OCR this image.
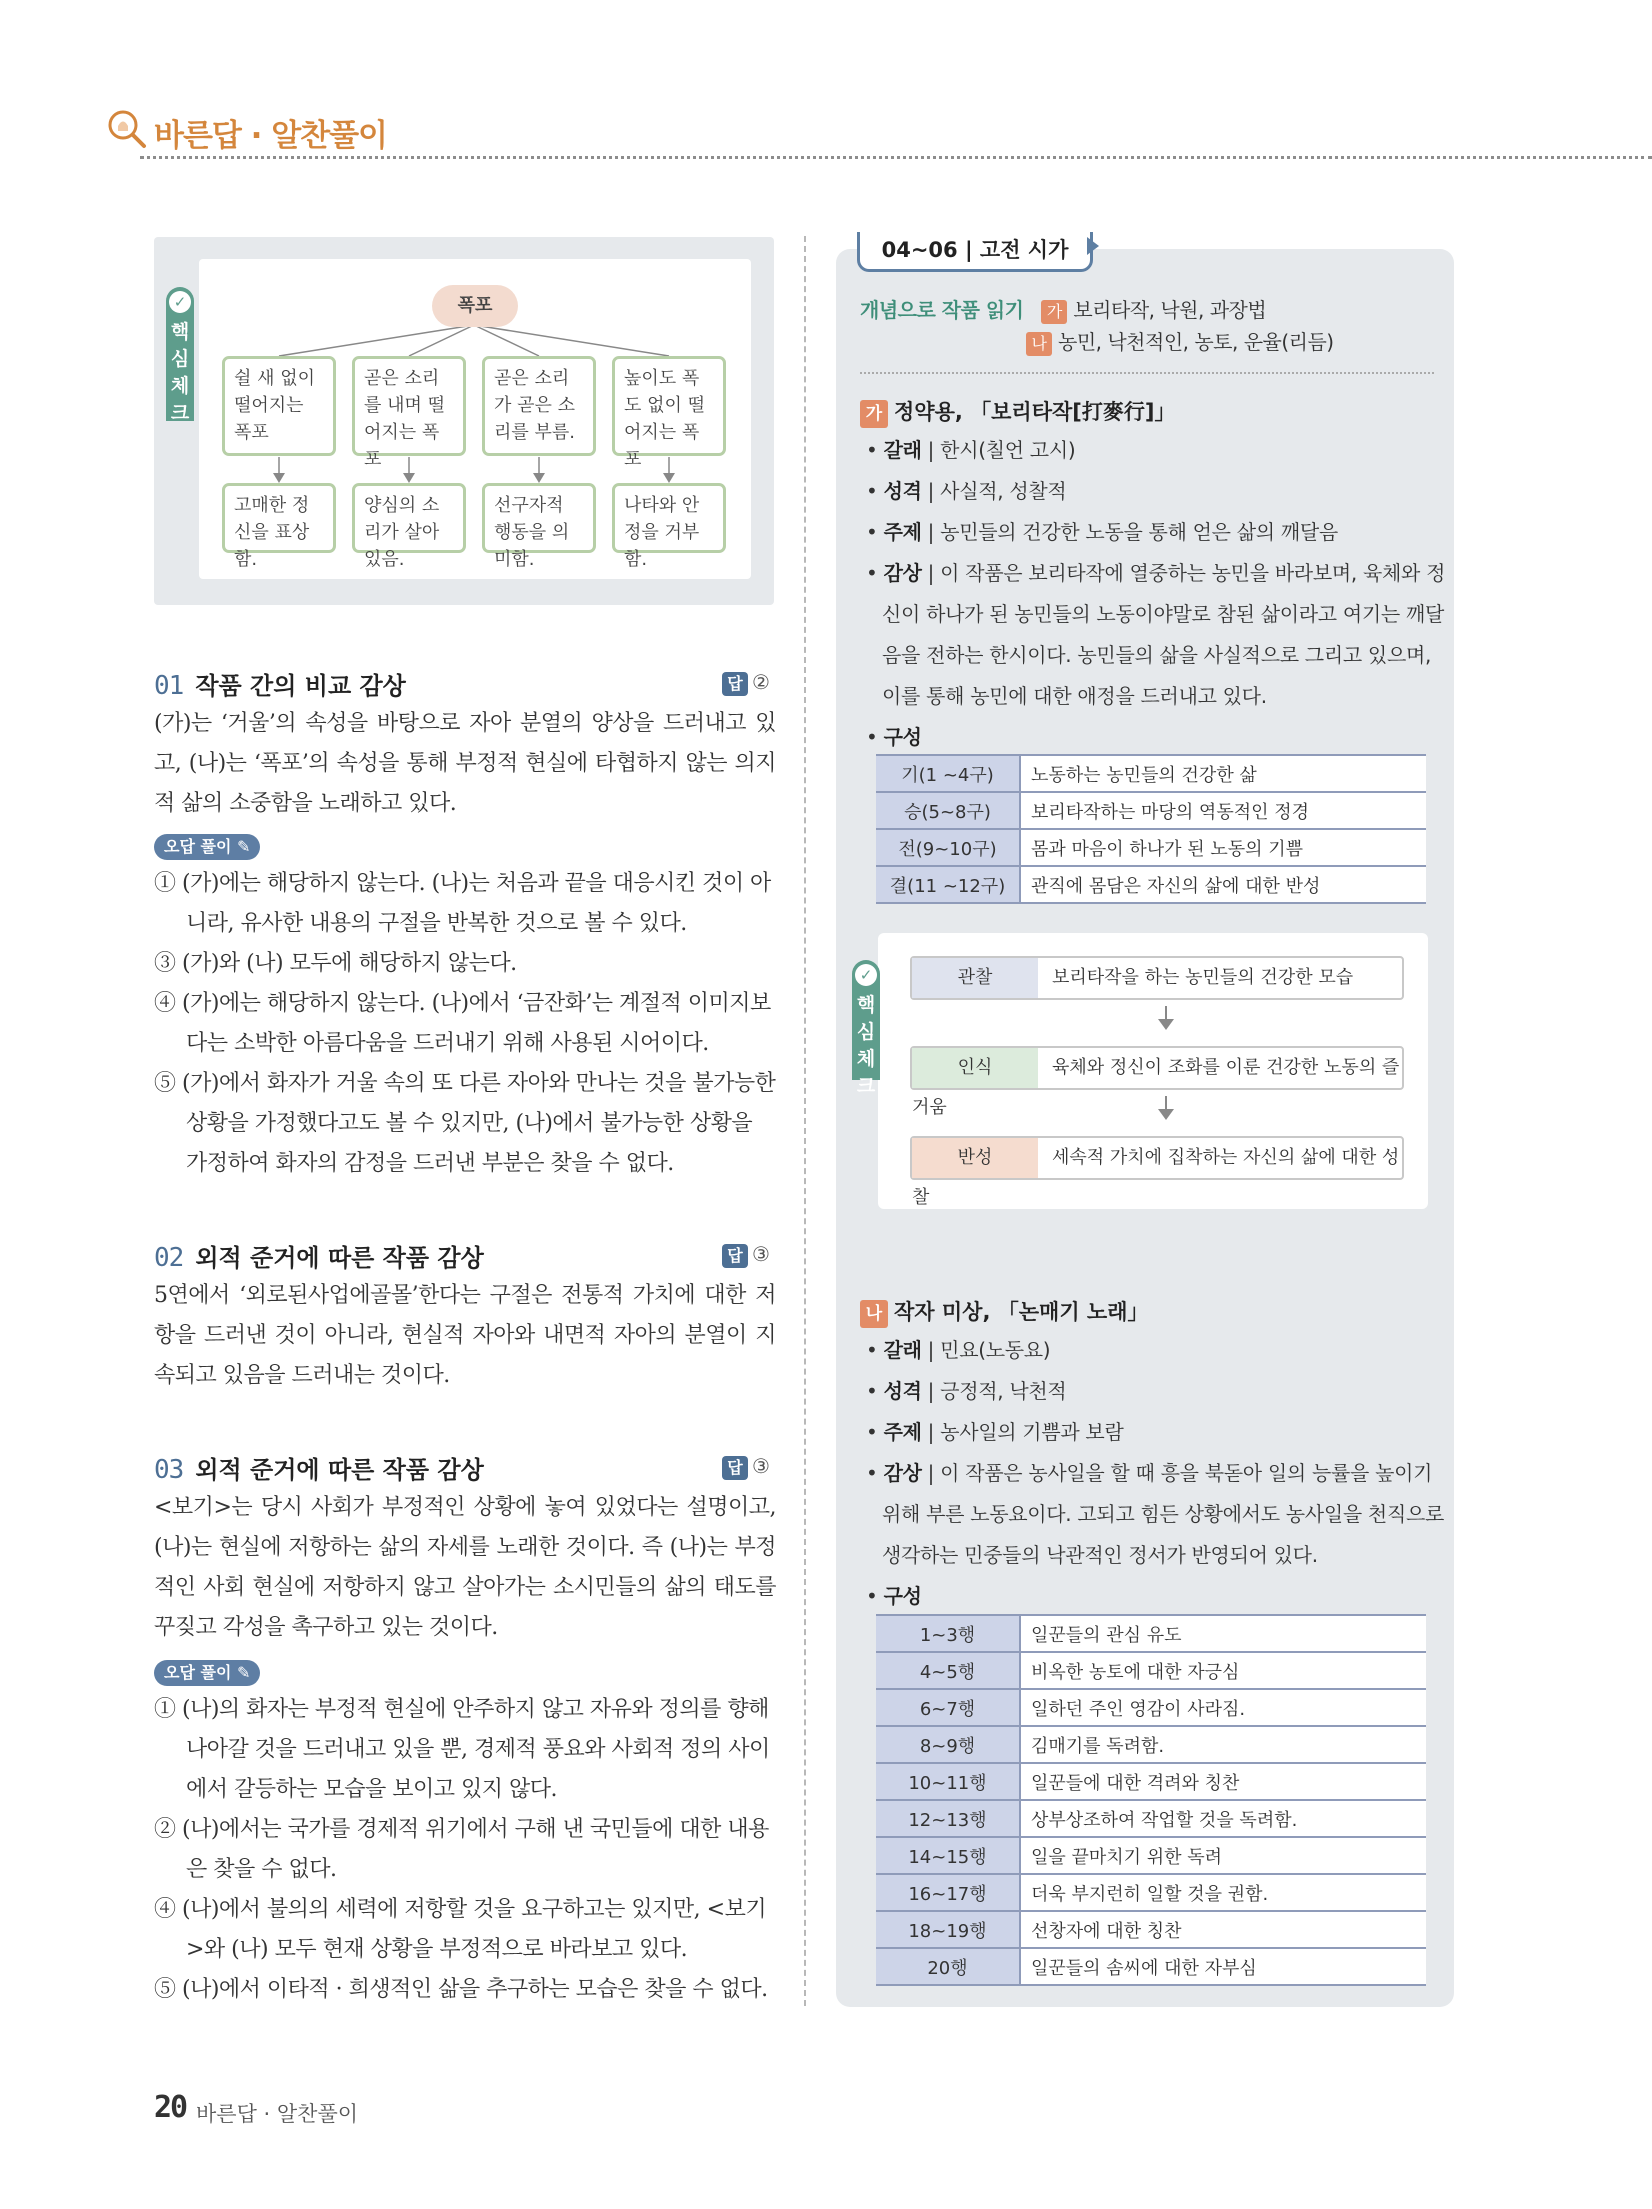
바른답 · 알찬풀이
✓
핵심체크
폭포
쉴 새 없이 떨어지는 폭포
곧은 소리를 내며 떨어지는 폭포
곧은 소리가 곧은 소리를 부름.
높이도 폭도 없이 떨어지는 폭포
고매한 정신을 표상함.
양심의 소리가 살아 있음.
선구자적 행동을 의미함.
나타와 안정을 거부함.
01 작품 간의 비교 감상	답 ②
(가)는 ‘거울’의 속성을 바탕으로 자아 분열의 양상을 드러내고 있고, (나)는 ‘폭포’의 속성을 통해 부정적 현실에 타협하지 않는 의지적 삶의 소중함을 노래하고 있다.
오답 풀이 ✎
① (가)에는 해당하지 않는다. (나)는 처음과 끝을 대응시킨 것이 아니라, 유사한 내용의 구절을 반복한 것으로 볼 수 있다.
③ (가)와 (나) 모두에 해당하지 않는다.
④ (가)에는 해당하지 않는다. (나)에서 ‘금잔화’는 계절적 이미지보다는 소박한 아름다움을 드러내기 위해 사용된 시어이다.
⑤ (가)에서 화자가 거울 속의 또 다른 자아와 만나는 것을 불가능한 상황을 가정했다고도 볼 수 있지만, (나)에서 불가능한 상황을 가정하여 화자의 감정을 드러낸 부분은 찾을 수 없다.
02 외적 준거에 따른 작품 감상	답 ③
5연에서 ‘외로된사업에골몰’한다는 구절은 전통적 가치에 대한 저항을 드러낸 것이 아니라, 현실적 자아와 내면적 자아의 분열이 지속되고 있음을 드러내는 것이다.
03 외적 준거에 따른 작품 감상	답 ③
<보기>는 당시 사회가 부정적인 상황에 놓여 있었다는 설명이고, (나)는 현실에 저항하는 삶의 자세를 노래한 것이다. 즉 (나)는 부정적인 사회 현실에 저항하지 않고 살아가는 소시민들의 삶의 태도를 꾸짖고 각성을 촉구하고 있는 것이다.
오답 풀이 ✎
① (나)의 화자는 부정적 현실에 안주하지 않고 자유와 정의를 향해 나아갈 것을 드러내고 있을 뿐, 경제적 풍요와 사회적 정의 사이에서 갈등하는 모습을 보이고 있지 않다.
② (나)에서는 국가를 경제적 위기에서 구해 낸 국민들에 대한 내용은 찾을 수 없다.
④ (나)에서 불의의 세력에 저항할 것을 요구하고는 있지만, <보기>와 (나) 모두 현재 상황을 부정적으로 바라보고 있다.
⑤ (나)에서 이타적 · 희생적인 삶을 추구하는 모습은 찾을 수 없다.
04~06 | 고전 시가
개념으로 작품 읽기 가 보리타작, 낙원, 과장법
나 농민, 낙천적인, 농토, 운율(리듬)
가 정약용, 「보리타작[打麥行]」
• 갈래 | 한시(칠언 고시)
• 성격 | 사실적, 성찰적
• 주제 | 농민들의 건강한 노동을 통해 얻은 삶의 깨달음
• 감상 | 이 작품은 보리타작에 열중하는 농민을 바라보며, 육체와 정신이 하나가 된 농민들의 노동이야말로 참된 삶이라고 여기는 깨달음을 전하는 한시이다. 농민들의 삶을 사실적으로 그리고 있으며, 이를 통해 농민에 대한 애정을 드러내고 있다.
• 구성
기(1 ~4구)	노동하는 농민들의 건강한 삶
승(5~8구)	보리타작하는 마당의 역동적인 정경
전(9~10구)	몸과 마음이 하나가 된 노동의 기쁨
결(11 ~12구)	관직에 몸담은 자신의 삶에 대한 반성
✓
핵심체크
관찰	보리타작을 하는 농민들의 건강한 모습
인식	육체와 정신이 조화를 이룬 건강한 노동의 즐거움
반성	세속적 가치에 집착하는 자신의 삶에 대한 성찰
나 작자 미상, 「논매기 노래」
• 갈래 | 민요(노동요)
• 성격 | 긍정적, 낙천적
• 주제 | 농사일의 기쁨과 보람
• 감상 | 이 작품은 농사일을 할 때 흥을 북돋아 일의 능률을 높이기 위해 부른 노동요이다. 고되고 힘든 상황에서도 농사일을 천직으로 생각하는 민중들의 낙관적인 정서가 반영되어 있다.
• 구성
1~3행	일꾼들의 관심 유도
4~5행	비옥한 농토에 대한 자긍심
6~7행	일하던 주인 영감이 사라짐.
8~9행	김매기를 독려함.
10~11행	일꾼들에 대한 격려와 칭찬
12~13행	상부상조하여 작업할 것을 독려함.
14~15행	일을 끝마치기 위한 독려
16~17행	더욱 부지런히 일할 것을 권함.
18~19행	선창자에 대한 칭찬
20행	일꾼들의 솜씨에 대한 자부심
20 바른답 · 알찬풀이
